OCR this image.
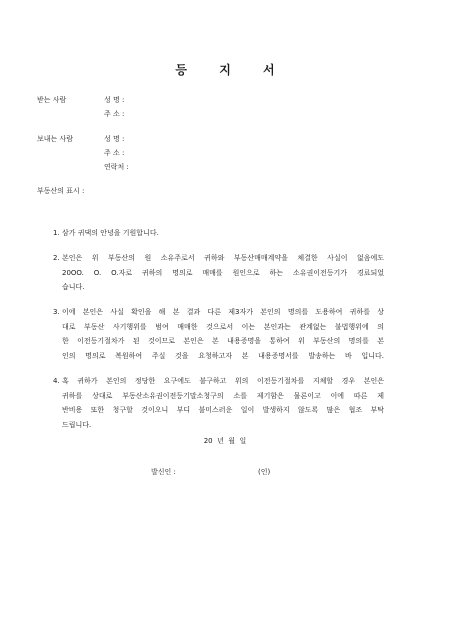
등 지 서
받는 사람	성 명 :
주 소 :
보내는 사람	성 명 :
주 소 :
연락처 :
부동산의 표시 :
1. 삼가 귀댁의 안녕을 기원합니다.
2. 본인은 위 부동산의 원 소유주로서 귀하와 부동산매매계약을 체결한 사실이 없음에도
20OO. O. O.자로 귀하의 명의로 매매를 원인으로 하는 소유권이전등기가 경료되었
습니다.
3. 이에 본인은 사실 확인을 해 본 결과 다른 제3자가 본인의 명의를 도용하여 귀하를 상
대로 부동산 사기행위를 범여 매매한 것으로서 이는 본인과는 관계없는 불법행위에 의
한 이전등기절차가 된 것이므로 본인은 본 내용증명을 통하여 위 부동산의 명의를 본
인의 명의로 복원하여 주실 것을 요청하고자 본 내용증명서를 발송하는 바 입니다.
4. 혹 귀하가 본인의 정당한 요구에도 불구하고 위의 이전등기절차를 지체할 경우 본인은
귀하를 상대로 부동산소유권이전등기말소청구의 소를 제기함은 물론이고 이에 따른 제
반비용 또한 청구할 것이오니 부디 불미스러운 일이 발생하지 않도록 많은 협조 부탁
드립니다.
20  년  월  일
발신인 :	(인)
